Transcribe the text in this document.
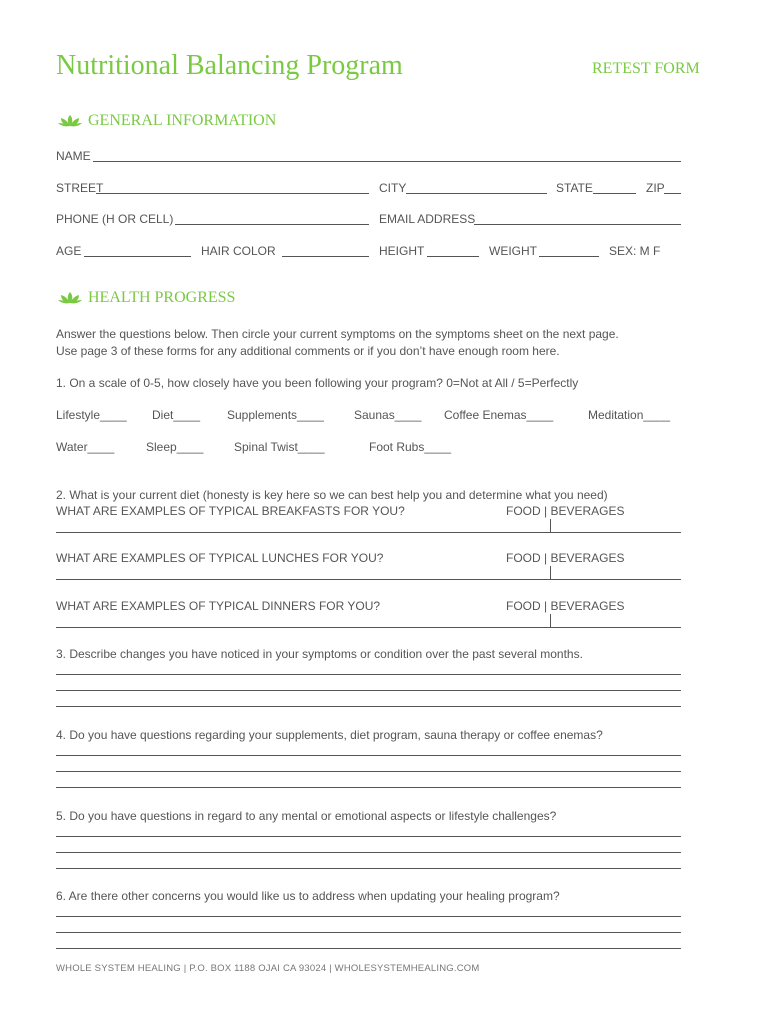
Nutritional Balancing Program	RETEST FORM
GENERAL INFORMATION
NAME
STREET	CITY	STATE	ZIP
PHONE (H OR CELL)	EMAIL ADDRESS
AGE	HAIR COLOR	HEIGHT	WEIGHT	SEX: M F
HEALTH PROGRESS
Answer the questions below. Then circle your current symptoms on the symptoms sheet on the next page.
Use page 3 of these forms for any additional comments or if you don’t have enough room here.
1. On a scale of 0-5, how closely have you been following your program? 0=Not at All / 5=Perfectly
Lifestyle____ Diet____ Supplements____	Saunas____ Coffee Enemas____	Meditation____
Water____	Sleep____	Spinal Twist____	Foot Rubs____
2. What is your current diet (honesty is key here so we can best help you and determine what you need)
WHAT ARE EXAMPLES OF TYPICAL BREAKFASTS FOR YOU?	FOOD | BEVERAGES
WHAT ARE EXAMPLES OF TYPICAL LUNCHES FOR YOU?	FOOD | BEVERAGES
WHAT ARE EXAMPLES OF TYPICAL DINNERS FOR YOU?	FOOD | BEVERAGES
3. Describe changes you have noticed in your symptoms or condition over the past several months.
4. Do you have questions regarding your supplements, diet program, sauna therapy or coffee enemas?
5. Do you have questions in regard to any mental or emotional aspects or lifestyle challenges?
6. Are there other concerns you would like us to address when updating your healing program?
WHOLE SYSTEM HEALING | P.O. BOX 1188 OJAI CA 93024 | WHOLESYSTEMHEALING.COM
